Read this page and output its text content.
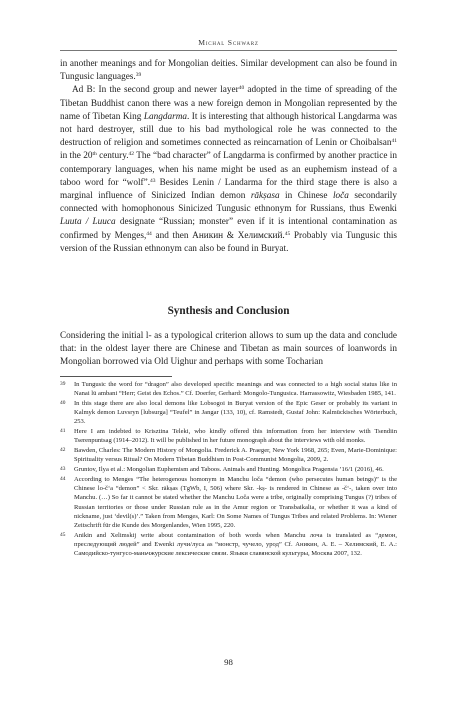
Michal Schwarz

in another meanings and for Mongolian deities. Similar development can also be found in Tungusic languages.$^{39}$

Ad B: In the second group and newer layer$^{40}$ adopted in the time of spreading of the Tibetan Buddhist canon there was a new foreign demon in Mongolian represented by the name of Tibetan King Langdarma. It is interesting that although historical Langdarma was not hard destroyer, still due to his bad mythological role he was connected to the destruction of religion and sometimes connected as reincarnation of Lenin or Choibalsan$^{41}$ in the 20th century.$^{42}$ The “bad character” of Langdarma is confirmed by another practice in contemporary languages, when his name might be used as an euphemism instead of a taboo word for “wolf”.$^{43}$ Besides Lenin / Landarma for the third stage there is also a marginal influence of Sinicized Indian demon rākṣasa in Chinese loča secondarily connected with homophonous Sinicized Tungusic ethnonym for Russians, thus Ewenki Luuta / Luuca designate “Russian; monster” even if it is intentional contamination as confirmed by Menges,$^{44}$ and then Аникин & Хелимский.$^{45}$ Probably via Tungusic this version of the Russian ethnonym can also be found in Buryat.

Synthesis and Conclusion

Considering the initial l- as a typological criterion allows to sum up the data and conclude that: in the oldest layer there are Chinese and Tibetan as main sources of loanwords in Mongolian borrowed via Old Uighur and perhaps with some Tocharian

39	In Tungusic the word for “dragon” also developed specific meanings and was connected to a high social status like in Nanai lū ambani “Herr; Geist des Echos.” Cf. Doerfer, Gerhard: Mongolo-Tungusica. Harrassowitz, Wiesbaden 1985, 141.
40	In this stage there are also local demons like Lobsogoi in Buryat version of the Epic Geser or probably its variant in Kalmyk demon Luvsryn [lubsurga] “Teufel” in Jangar (133, 10), cf. Ramstedt, Gustaf John: Kalmückisches Wörterbuch, 253.
41	Here I am indebted to Krisztina Teleki, who kindly offered this information from her interview with Tsendiin Tserenpuntsag (1914–2012). It will be published in her future monograph about the interviews with old monks.
42	Bawden, Charles: The Modern History of Mongolia. Frederick A. Praeger, New York 1968, 265; Even, Marie-Dominique: Spirituality versus Ritual? On Modern Tibetan Buddhism in Post-Communist Mongolia, 2009, 2.
43	Gruntov, Ilya et al.: Mongolian Euphemism and Taboos. Animals and Hunting. Mongolica Pragensia ’16/1 (2016), 46.
44	According to Menges “The heterogenous homonym in Manchu loča “demon (who persecutes human beings)” is the Chinese lo-č‘a “demon” < Skr. rākṣas (TgWb, I, 506) where Skr. -kṣ- is rendered in Chinese as -č‘-, taken over into Manchu. (…) So far it cannot be stated whether the Manchu Loča were a tribe, originally comprising Tungus (?) tribes of Russian territories or those under Russian rule as in the Amur region or Transbaikalia, or whether it was a kind of nickname, just ‘devil(s)’.” Taken from Menges, Karl: On Some Names of Tungus Tribes and related Problems. In: Wiener Zeitschrift für die Kunde des Morgenlandes, Wien 1995, 220.
45	Anikin and Xelimskij write about contamination of both words when Manchu лоча is translated as “демон, преследующий людей” and Ewenki лучи/луса as “монстр, чучело, урод” Cf. Аникин, А. Е. – Хелимский, Е. А.: Самодийско-тунгусо-маньчжурские лексические связи. Языки славянской культуры, Москва 2007, 132.
98
